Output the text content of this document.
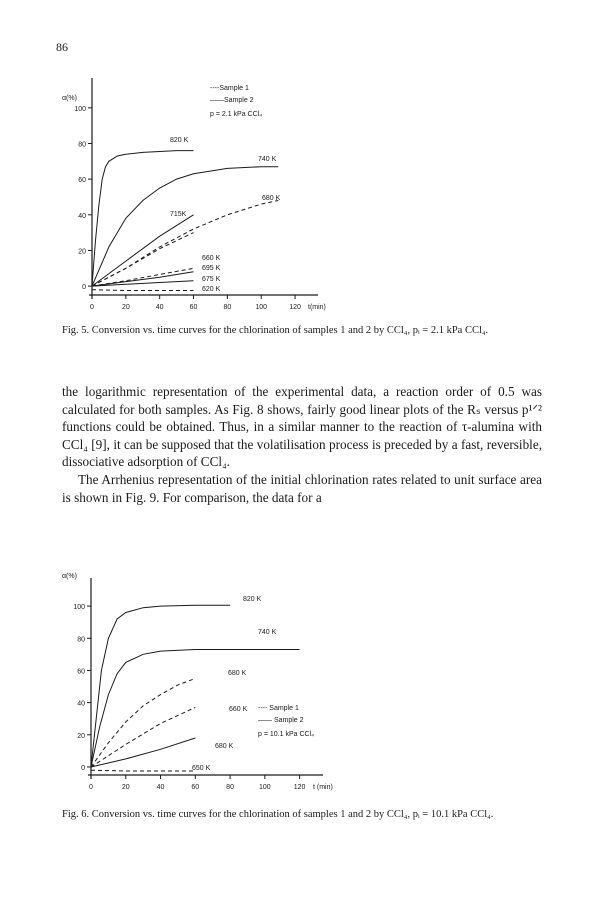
86
0
20
40
60
80
100
0	20	40	60	80	100	120
α(%)
t(min)
820 K
740 K
680 K
715K
660 K
695 K
675 K
620 K
----Sample 1
——Sample 2
p = 2.1 kPa CCl₄
Fig. 5. Conversion vs. time curves for the chlorination of samples 1 and 2 by CCl₄, pᵢ = 2.1 kPa CCl₄.

the logarithmic representation of the experimental data, a reaction order of 0.5 was calculated for both samples. As Fig. 8 shows, fairly good linear plots of the Rₛ versus p¹ᐟ² functions could be obtained. Thus, in a similar manner to the reaction of τ-alumina with CCl₄ [9], it can be supposed that the volatilisation process is preceded by a fast, reversible, dissociative adsorption of CCl₄.

The Arrhenius representation of the initial chlorination rates related to unit surface area is shown in Fig. 9. For comparison, the data for a

0
20
40
60
80
100
0	20	40	60	80	100	120
α(%)
t (min)
820 K
740 K
680 K
660 K
680 K
650 K
---- Sample 1
—— Sample 2
p = 10.1 kPa CCl₄
Fig. 6. Conversion vs. time curves for the chlorination of samples 1 and 2 by CCl₄, pᵢ = 10.1 kPa CCl₄.
